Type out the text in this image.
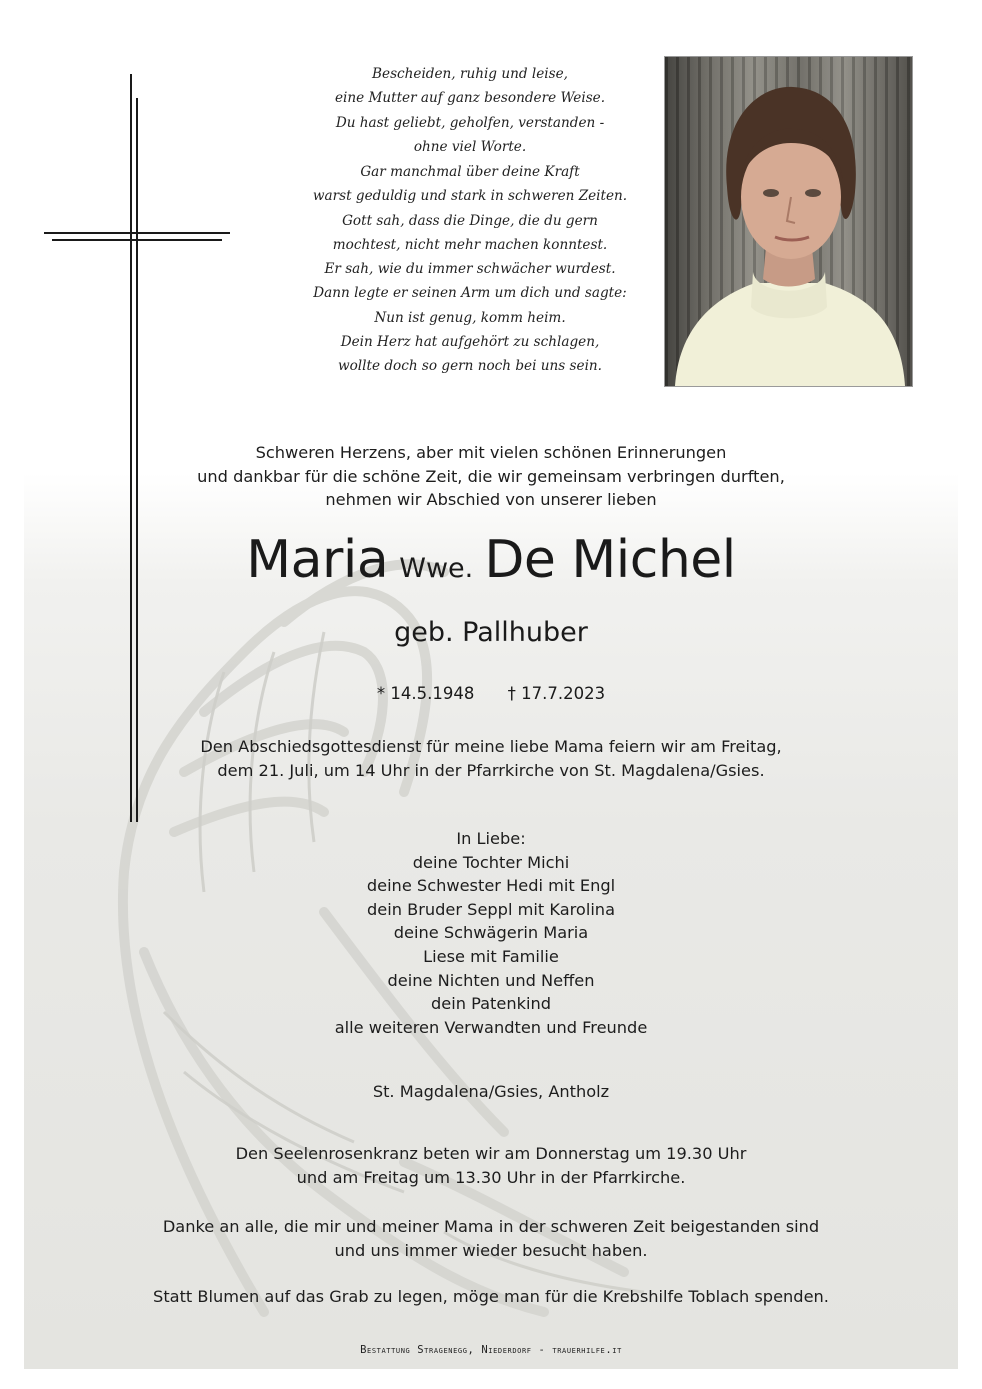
Bescheiden, ruhig und leise,
eine Mutter auf ganz besondere Weise.
Du hast geliebt, geholfen, verstanden -
ohne viel Worte.
Gar manchmal über deine Kraft
warst geduldig und stark in schweren Zeiten.
Gott sah, dass die Dinge, die du gern
mochtest, nicht mehr machen konntest.
Er sah, wie du immer schwächer wurdest.
Dann legte er seinen Arm um dich und sagte:
Nun ist genug, komm heim.
Dein Herz hat aufgehört zu schlagen,
wollte doch so gern noch bei uns sein.
Schweren Herzens, aber mit vielen schönen Erinnerungen
und dankbar für die schöne Zeit, die wir gemeinsam verbringen durften,
nehmen wir Abschied von unserer lieben
Maria Wwe. De Michel
geb. Pallhuber
* 14.5.1948 † 17.7.2023
Den Abschiedsgottesdienst für meine liebe Mama feiern wir am Freitag,
dem 21. Juli, um 14 Uhr in der Pfarrkirche von St. Magdalena/Gsies.
In Liebe:
deine Tochter Michi
deine Schwester Hedi mit Engl
dein Bruder Seppl mit Karolina
deine Schwägerin Maria
Liese mit Familie
deine Nichten und Neffen
dein Patenkind
alle weiteren Verwandten und Freunde
St. Magdalena/Gsies, Antholz
Den Seelenrosenkranz beten wir am Donnerstag um 19.30 Uhr
und am Freitag um 13.30 Uhr in der Pfarrkirche.
Danke an alle, die mir und meiner Mama in der schweren Zeit beigestanden sind
und uns immer wieder besucht haben.
Statt Blumen auf das Grab zu legen, möge man für die Krebshilfe Toblach spenden.
Bestattung Stragenegg, Niederdorf - trauerhilfe.it
